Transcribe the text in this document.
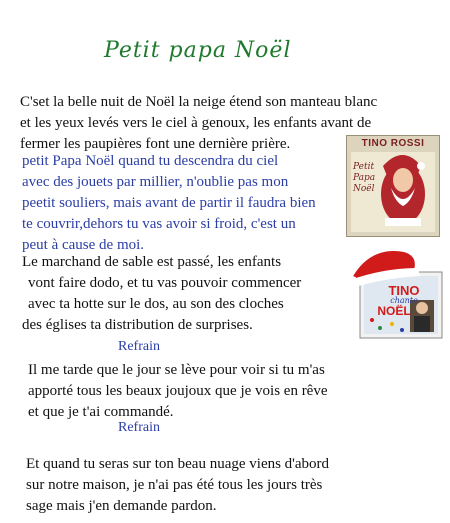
Petit papa Noël
C'set la belle nuit de Noël la neige étend son manteau blanc
et les yeux levés vers le ciel à genoux, les enfants avant de
fermer les paupières font une dernière prière.
petit Papa Noël quand tu descendra du ciel
avec des jouets par millier, n'oublie pas mon
peetit souliers, mais avant de partir il faudra bien
te couvrir,dehors tu vas avoir si froid, c'est un
peut à cause de moi.
Le marchand de sable est passé, les enfants
vont faire dodo, et tu vas pouvoir commencer
avec ta hotte sur le dos, au son des cloches
des églises ta distribution de surprises.
Refrain
Il me tarde que le jour se lève pour voir si tu m'as
apporté tous les beaux joujoux que je vois en rêve
et que je t'ai commandé.
Refrain
Et quand tu seras sur ton beau nuage viens d'abord
sur notre maison, je n'ai pas été tous les jours très
sage mais j'en demande pardon.
TINO ROSSI
Petit Papa Noël
TINO
chante
NOËL
